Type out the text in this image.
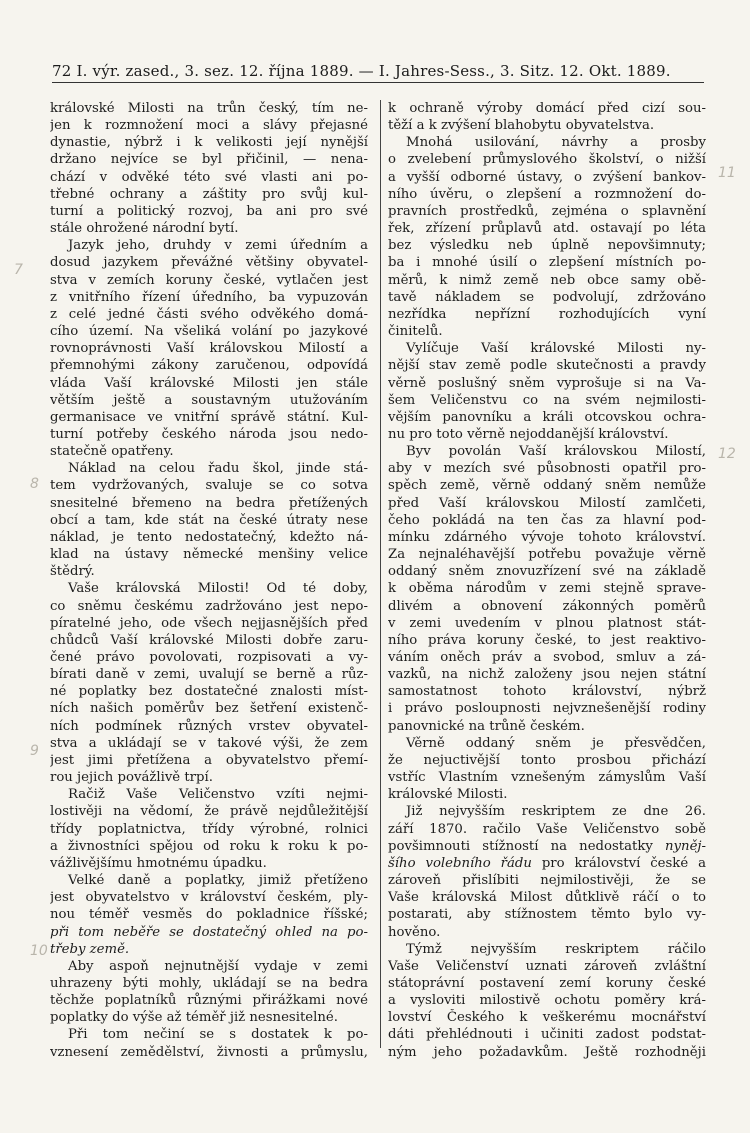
72 I. výr. zased., 3. sez. 12. října 1889. — I. Jahres-Sess., 3. Sitz. 12. Okt. 1889.
královské Milosti na trůn český, tím ne-
jen k rozmnožení moci a slávy přejasné
dynastie, nýbrž i k velikosti její nynější
držano nejvíce se byl přičinil, — nena-
chází v odvěké této své vlasti ani po-
třebné ochrany a záštity pro svůj kul-
turní a politický rozvoj, ba ani pro své
stále ohrožené národní bytí.
Jazyk jeho, druhdy v zemi úředním a
dosud jazykem převážné většiny obyvatel-
stva v zemích koruny české, vytlačen jest
z vnitřního řízení úředního, ba vypuzován
z celé jedné části svého odvěkého domá-
cího území. Na všeliká volání po jazykové
rovnoprávnosti Vaší královskou Milostí a
přemnohými zákony zaručenou, odpovídá
vláda Vaší královské Milosti jen stále
větším ještě a soustavným utužováním
germanisace ve vnitřní správě státní. Kul-
turní potřeby českého národa jsou nedo-
statečně opatřeny.
Náklad na celou řadu škol, jinde stá-
tem vydržovaných, svaluje se co sotva
snesitelné břemeno na bedra přetížených
obcí a tam, kde stát na české útraty nese
náklad, je tento nedostatečný, kdežto ná-
klad na ústavy německé menšiny velice
štědrý.
Vaše královská Milosti! Od té doby,
co sněmu českému zadržováno jest nepo-
píratelné jeho, ode všech nejjasnějších před
chůdců Vaší královské Milosti dobře zaru-
čené právo povolovati, rozpisovati a vy-
bírati daně v zemi, uvalují se berně a růz-
né poplatky bez dostatečné znalosti míst-
ních našich poměrův bez šetření existenč-
ních podmínek různých vrstev obyvatel-
stva a ukládají se v takové výši, že zem
jest jimi přetížena a obyvatelstvo přemí-
rou jejich povážlivě trpí.
Račiž Vaše Veličenstvo vzíti nejmi-
lostivěji na vědomí, že právě nejdůležitější
třídy poplatnictva, třídy výrobné, rolnici
a živnostníci spějou od roku k roku k po-
vážlivějšímu hmotnému úpadku.
Velké daně a poplatky, jimiž přetíženo
jest obyvatelstvo v království českém, ply-
nou téměř vesměs do pokladnice říšské;
při tom neběře se dostatečný ohled na po-
třeby země.
Aby aspoň nejnutnější vydaje v zemi
uhrazeny býti mohly, ukládají se na bedra
těchže poplatníků různými přirážkami nové
poplatky do výše až téměř již nesnesitelné.
Při tom nečiní se s dostatek k po-
vznesení zemědělství, živnosti a průmyslu,
k ochraně výroby domácí před cizí sou-
těží a k zvýšení blahobytu obyvatelstva.
Mnohá usilování, návrhy a prosby
o zvelebení průmyslového školství, o nižší
a vyšší odborné ústavy, o zvýšení bankov-
ního úvěru, o zlepšení a rozmnožení do-
pravních prostředků, zejména o splavnění
řek, zřízení průplavů atd. ostavají po léta
bez výsledku neb úplně nepovšimnuty;
ba i mnohé úsilí o zlepšení místních po-
měrů, k nimž země neb obce samy obě-
tavě nákladem se podvolují, zdržováno
nezřídka nepřízní rozhodujících vyní
činitelů.
Vylíčuje Vaší královské Milosti ny-
nější stav země podle skutečnosti a pravdy
věrně poslušný sněm vyprošuje si na Va-
šem Veličenstvu co na svém nejmilosti-
vějším panovníku a králi otcovskou ochra-
nu pro toto věrně nejoddanější království.
Byv povolán Vaší královskou Milostí,
aby v mezích své působnosti opatřil pro-
spěch země, věrně oddaný sněm nemůže
před Vaší královskou Milostí zamlčeti,
čeho pokládá na ten čas za hlavní pod-
mínku zdárného vývoje tohoto království.
Za nejnaléhavější potřebu považuje věrně
oddaný sněm znovuzřízení své na základě
k oběma národům v zemi stejně sprave-
dlivém a obnovení zákonných poměrů
v zemi uvedením v plnou platnost stát-
ního práva koruny české, to jest reaktivo-
váním oněch práv a svobod, smluv a zá-
vazků, na nichž založeny jsou nejen státní
samostatnost tohoto království, nýbrž
i právo posloupnosti nejvznešenější rodiny
panovnické na trůně českém.
Věrně oddaný sněm je přesvědčen,
že nejuctivější tonto prosbou přichází
vstříc Vlastním vznešeným zámyslům Vaší
královské Milosti.
Již nejvyšším reskriptem ze dne 26.
září 1870. račilo Vaše Veličenstvo sobě
povšimnouti stížností na nedostatky nyněj-
šího volebního řádu pro království české a
zároveň přislíbiti nejmilostivěji, že se
Vaše královská Milost důtklivě ráčí o to
postarati, aby stížnostem těmto bylo vy-
hověno.
Týmž nejvyšším reskriptem ráčilo
Vaše Veličenství uznati zároveň zvláštní
státoprávní postavení zemí koruny české
a vysloviti milostivě ochotu poměry krá-
lovství Českého k veškerému mocnářství
dáti přehlédnouti i učiniti zadost podstat-
ným jeho požadavkům. Ještě rozhodněji
7
8
9
10
11
12
